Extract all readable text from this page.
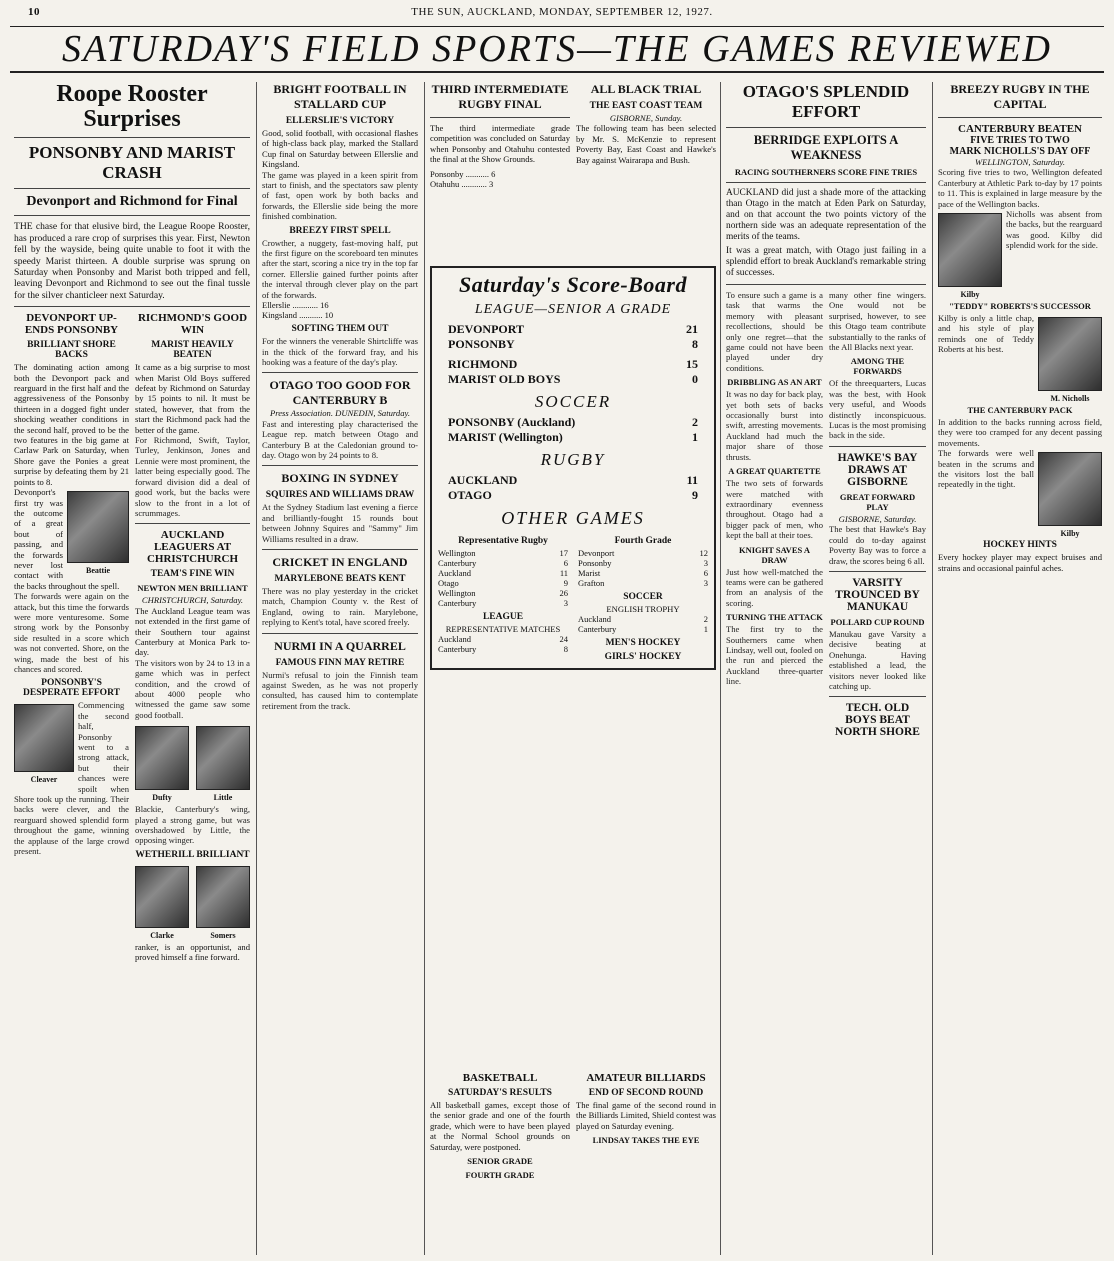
10	THE SUN, AUCKLAND, MONDAY, SEPTEMBER 12, 1927.
SATURDAY'S FIELD SPORTS—THE GAMES REVIEWED
Roope Rooster Surprises
PONSONBY AND MARIST CRASH
Devonport and Richmond for Final
THE chase for that elusive bird, the League Roope Rooster, has produced a rare crop of surprises this year. First, Newton fell by the wayside, being quite unable to foot it with the speedy Marist thirteen. A double surprise was sprung on Saturday when Ponsonby and Marist both tripped and fell, leaving Devonport and Richmond to see out the final tussle for the silver chanticleer next Saturday.
DEVONPORT UP-ENDS PONSONBY
BRILLIANT SHORE BACKS
The dominating action among both the Devonport pack and rearguard in the first half and the aggressiveness of the Ponsonby thirteen in a dogged fight under shocking weather conditions in the second half, proved to be the two features in the big game at Carlaw Park on Saturday, when Shore gave the Ponies a great surprise by defeating them by 21 points to 8.
Beattie
Devonport's first try was the outcome of a great bout of passing, and the forwards never lost contact with the backs throughout the spell.
The forwards were again on the attack, but this time the forwards were more venturesome. Some strong work by the Ponsonby side resulted in a score which was not converted. Shore, on the wing, made the best of his chances and scored.
PONSONBY'S DESPERATE EFFORT
Cleaver
Commencing the second half, Ponsonby went to a strong attack, but their chances were spoilt when Shore took up the running. Their backs were clever, and the rearguard showed splendid form throughout the game, winning the applause of the large crowd present.
RICHMOND'S GOOD WIN
MARIST HEAVILY BEATEN
It came as a big surprise to most when Marist Old Boys suffered defeat by Richmond on Saturday by 15 points to nil. It must be stated, however, that from the start the Richmond pack had the better of the game.
For Richmond, Swift, Taylor, Turley, Jenkinson, Jones and Lennie were most prominent, the latter being especially good. The forward division did a deal of good work, but the backs were slow to the front in a lot of scrummages.
AUCKLAND LEAGUERS AT CHRISTCHURCH
TEAM'S FINE WIN
NEWTON MEN BRILLIANT
CHRISTCHURCH, Saturday.
The Auckland League team was not extended in the first game of their Southern tour against Canterbury at Monica Park to-day.
The visitors won by 24 to 13 in a game which was in perfect condition, and the crowd of about 4000 people who witnessed the game saw some good football.
Dufty	Little
Blackie, Canterbury's wing, played a strong game, but was overshadowed by Little, the opposing winger.
WETHERILL BRILLIANT
Clarke	Somers
ranker, is an opportunist, and proved himself a fine forward.
BRIGHT FOOTBALL IN STALLARD CUP
ELLERSLIE'S VICTORY
Good, solid football, with occasional flashes of high-class back play, marked the Stallard Cup final on Saturday between Ellerslie and Kingsland.
The game was played in a keen spirit from start to finish, and the spectators saw plenty of fast, open work by both backs and forwards, the Ellerslie side being the more finished combination.
BREEZY FIRST SPELL
Crowther, a nuggety, fast-moving half, put the first figure on the scoreboard ten minutes after the start, scoring a nice try in the top far corner. Ellerslie gained further points after the interval through clever play on the part of the forwards.
Ellerslie ............ 16
Kingsland ........... 10
SOFTING THEM OUT
For the winners the venerable Shirtcliffe was in the thick of the forward fray, and his hooking was a feature of the day's play.
OTAGO TOO GOOD FOR CANTERBURY B
Press Association. DUNEDIN, Saturday.
Fast and interesting play characterised the League rep. match between Otago and Canterbury B at the Caledonian ground to-day. Otago won by 24 points to 8.
BOXING IN SYDNEY
SQUIRES AND WILLIAMS DRAW
At the Sydney Stadium last evening a fierce and brilliantly-fought 15 rounds bout between Johnny Squires and "Sammy" Jim Williams resulted in a draw.
CRICKET IN ENGLAND
MARYLEBONE BEATS KENT
There was no play yesterday in the cricket match, Champion County v. the Rest of England, owing to rain. Marylebone, replying to Kent's total, have scored freely.
NURMI IN A QUARREL
FAMOUS FINN MAY RETIRE
Nurmi's refusal to join the Finnish team against Sweden, as he was not properly consulted, has caused him to contemplate retirement from the track.
THIRD INTERMEDIATE RUGBY FINAL
The third intermediate grade competition was concluded on Saturday when Ponsonby and Otahuhu contested the final at the Show Grounds.
Ponsonby ........... 6
Otahuhu ............ 3
ALL BLACK TRIAL
THE EAST COAST TEAM
GISBORNE, Sunday.
The following team has been selected by Mr. S. McKenzie to represent Poverty Bay, East Coast and Hawke's Bay against Wairarapa and Bush.
Saturday's Score-Board
LEAGUE—SENIOR A GRADE
DEVONPORT	21
PONSONBY	8
RICHMOND	15
MARIST OLD BOYS	0
SOCCER
PONSONBY (Auckland)	2
MARIST (Wellington)	1
RUGBY
AUCKLAND	11
OTAGO	9
OTHER GAMES
Representative Rugby
Wellington	17
Canterbury	6
Auckland	11
Otago	9
Wellington	26
Canterbury	3
LEAGUE
REPRESENTATIVE MATCHES
Auckland	24
Canterbury	8
Fourth Grade
Devonport	12
Ponsonby	3
Marist	6
Grafton	3
SOCCER
ENGLISH TROPHY
Auckland	2
Canterbury	1
MEN'S HOCKEY
GIRLS' HOCKEY
BASKETBALL
SATURDAY'S RESULTS
All basketball games, except those of the senior grade and one of the fourth grade, which were to have been played at the Normal School grounds on Saturday, were postponed.
SENIOR GRADE
FOURTH GRADE
AMATEUR BILLIARDS
END OF SECOND ROUND
The final game of the second round in the Billiards Limited, Shield contest was played on Saturday evening.
LINDSAY TAKES THE EYE
OTAGO'S SPLENDID EFFORT
BERRIDGE EXPLOITS A WEAKNESS
RACING SOUTHERNERS SCORE FINE TRIES
AUCKLAND did just a shade more of the attacking than Otago in the match at Eden Park on Saturday, and on that account the two points victory of the northern side was an adequate representation of the merits of the teams.
It was a great match, with Otago just failing in a splendid effort to break Auckland's remarkable string of successes.
To ensure such a game is a task that warms the memory with pleasant recollections, should be only one regret—that the game could not have been played under dry conditions.
DRIBBLING AS AN ART
It was no day for back play, yet both sets of backs occasionally burst into swift, arresting movements. Auckland had much the major share of those thrusts.
A GREAT QUARTETTE
The two sets of forwards were matched with extraordinary evenness throughout. Otago had a bigger pack of men, who kept the ball at their toes.
KNIGHT SAVES A DRAW
Just how well-matched the teams were can be gathered from an analysis of the scoring.
TURNING THE ATTACK
The first try to the Southerners came when Lindsay, well out, fooled on the run and pierced the Auckland three-quarter line.
many other fine wingers. One would not be surprised, however, to see this Otago team contribute substantially to the ranks of the All Blacks next year.
AMONG THE FORWARDS
Of the threequarters, Lucas was the best, with Hook very useful, and Woods distinctly inconspicuous. Lucas is the most promising back in the side.
HAWKE'S BAY DRAWS AT GISBORNE
GREAT FORWARD PLAY
GISBORNE, Saturday.
The best that Hawke's Bay could do to-day against Poverty Bay was to force a draw, the scores being 6 all.
VARSITY TROUNCED BY MANUKAU
POLLARD CUP ROUND
Manukau gave Varsity a decisive beating at Onehunga. Having established a lead, the visitors never looked like catching up.
TECH. OLD BOYS BEAT NORTH SHORE
BREEZY RUGBY IN THE CAPITAL
CANTERBURY BEATEN
FIVE TRIES TO TWO
MARK NICHOLLS'S DAY OFF
WELLINGTON, Saturday.
Scoring five tries to two, Wellington defeated Canterbury at Athletic Park to-day by 17 points to 11. This is explained in large measure by the pace of the Wellington backs.
Kilby
Nicholls was absent from the backs, but the rearguard was good. Kilby did splendid work for the side.
"TEDDY" ROBERTS'S SUCCESSOR
M. Nicholls
Kilby is only a little chap, and his style of play reminds one of Teddy Roberts at his best.
THE CANTERBURY PACK
In addition to the backs running across field, they were too cramped for any decent passing movements.
Kilby
The forwards were well beaten in the scrums and the visitors lost the ball repeatedly in the tight.
HOCKEY HINTS
Every hockey player may expect bruises and strains and occasional painful aches.
